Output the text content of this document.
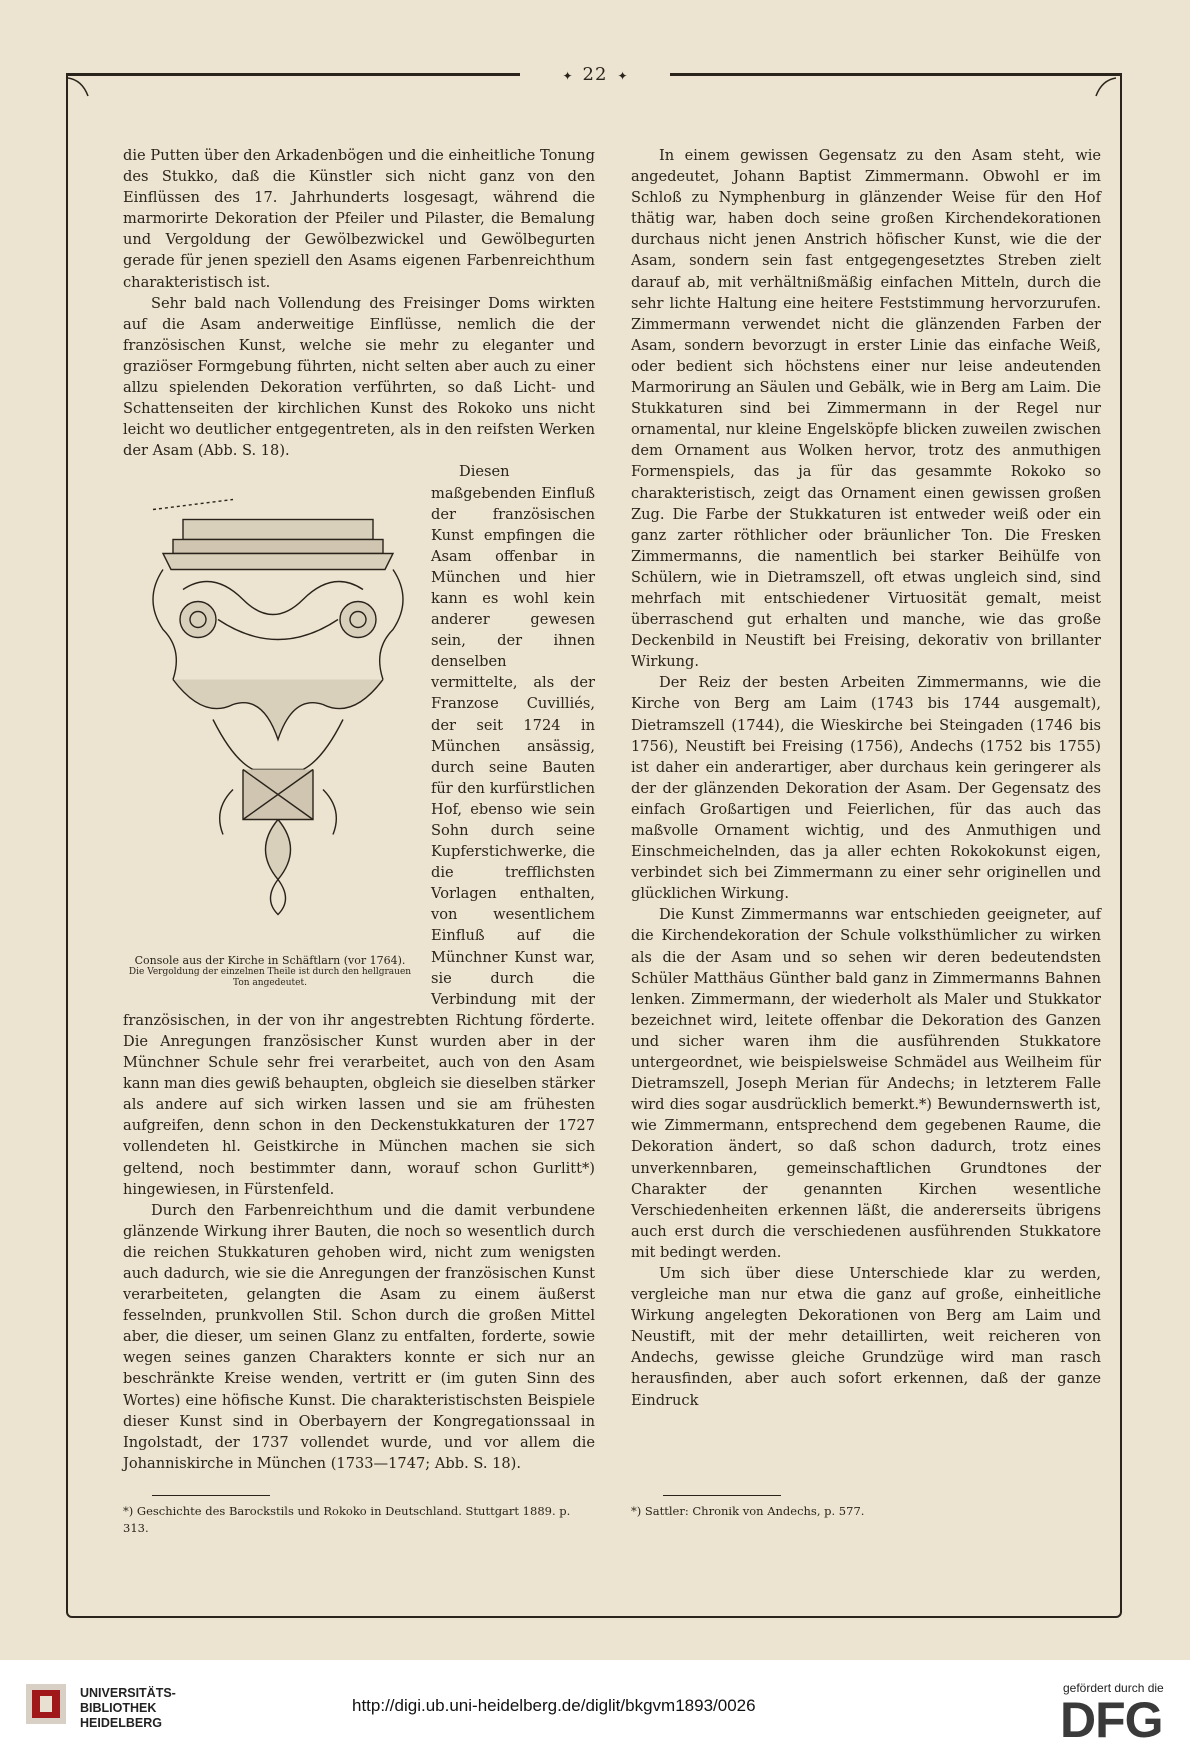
✦ 22 ✦

die Putten über den Arkadenbögen und die einheitliche Tonung des Stukko, daß die Künstler sich nicht ganz von den Einflüssen des 17. Jahrhunderts losgesagt, während die marmorirte Dekoration der Pfeiler und Pilaster, die Bemalung und Vergoldung der Gewölbezwickel und Gewölbegurten gerade für jenen speziell den Asams eigenen Farbenreichthum charakteristisch ist.

Sehr bald nach Vollendung des Freisinger Doms wirkten auf die Asam anderweitige Einflüsse, nemlich die der französischen Kunst, welche sie mehr zu eleganter und graziöser Formgebung führten, nicht selten aber auch zu einer allzu spielenden Dekoration verführten, so daß Licht- und Schattenseiten der kirchlichen Kunst des Rokoko uns nicht leicht wo deutlicher entgegentreten, als in den reifsten Werken der Asam (Abb. S. 18).

Console aus der Kirche in Schäftlarn (vor 1764).
Die Vergoldung der einzelnen Theile ist durch den hellgrauen Ton angedeutet.

Diesen maßgebenden Einfluß der französischen Kunst empfingen die Asam offenbar in München und hier kann es wohl kein anderer gewesen sein, der ihnen denselben vermittelte, als der Franzose Cuvilliés, der seit 1724 in München ansässig, durch seine Bauten für den kurfürstlichen Hof, ebenso wie sein Sohn durch seine Kupferstichwerke, die die trefflichsten Vorlagen enthalten, von wesentlichem Einfluß auf die Münchner Kunst war, sie durch die Verbindung mit der französischen, in der von ihr angestrebten Richtung förderte. Die Anregungen französischer Kunst wurden aber in der Münchner Schule sehr frei verarbeitet, auch von den Asam kann man dies gewiß behaupten, obgleich sie dieselben stärker als andere auf sich wirken lassen und sie am frühesten aufgreifen, denn schon in den Deckenstukkaturen der 1727 vollendeten hl. Geistkirche in München machen sie sich geltend, noch bestimmter dann, worauf schon Gurlitt*) hingewiesen, in Fürstenfeld.

Durch den Farbenreichthum und die damit verbundene glänzende Wirkung ihrer Bauten, die noch so wesentlich durch die reichen Stukkaturen gehoben wird, nicht zum wenigsten auch dadurch, wie sie die Anregungen der französischen Kunst verarbeiteten, gelangten die Asam zu einem äußerst fesselnden, prunkvollen Stil. Schon durch die großen Mittel aber, die dieser, um seinen Glanz zu entfalten, forderte, sowie wegen seines ganzen Charakters konnte er sich nur an beschränkte Kreise wenden, vertritt er (im guten Sinn des Wortes) eine höfische Kunst. Die charakteristischsten Beispiele dieser Kunst sind in Oberbayern der Kongregationssaal in Ingolstadt, der 1737 vollendet wurde, und vor allem die Johanniskirche in München (1733—1747; Abb. S. 18).

In einem gewissen Gegensatz zu den Asam steht, wie angedeutet, Johann Baptist Zimmermann. Obwohl er im Schloß zu Nymphenburg in glänzender Weise für den Hof thätig war, haben doch seine großen Kirchendekorationen durchaus nicht jenen Anstrich höfischer Kunst, wie die der Asam, sondern sein fast entgegengesetztes Streben zielt darauf ab, mit verhältnißmäßig einfachen Mitteln, durch die sehr lichte Haltung eine heitere Feststimmung hervorzurufen. Zimmermann verwendet nicht die glänzenden Farben der Asam, sondern bevorzugt in erster Linie das einfache Weiß, oder bedient sich höchstens einer nur leise andeutenden Marmorirung an Säulen und Gebälk, wie in Berg am Laim. Die Stukkaturen sind bei Zimmermann in der Regel nur ornamental, nur kleine Engelsköpfe blicken zuweilen zwischen dem Ornament aus Wolken hervor, trotz des anmuthigen Formenspiels, das ja für das gesammte Rokoko so charakteristisch, zeigt das Ornament einen gewissen großen Zug. Die Farbe der Stukkaturen ist entweder weiß oder ein ganz zarter röthlicher oder bräunlicher Ton. Die Fresken Zimmermanns, die namentlich bei starker Beihülfe von Schülern, wie in Dietramszell, oft etwas ungleich sind, sind mehrfach mit entschiedener Virtuosität gemalt, meist überraschend gut erhalten und manche, wie das große Deckenbild in Neustift bei Freising, dekorativ von brillanter Wirkung.

Der Reiz der besten Arbeiten Zimmermanns, wie die Kirche von Berg am Laim (1743 bis 1744 ausgemalt), Dietramszell (1744), die Wieskirche bei Steingaden (1746 bis 1756), Neustift bei Freising (1756), Andechs (1752 bis 1755) ist daher ein anderartiger, aber durchaus kein geringerer als der der glänzenden Dekoration der Asam. Der Gegensatz des einfach Großartigen und Feierlichen, für das auch das maßvolle Ornament wichtig, und des Anmuthigen und Einschmeichelnden, das ja aller echten Rokokokunst eigen, verbindet sich bei Zimmermann zu einer sehr originellen und glücklichen Wirkung.

Die Kunst Zimmermanns war entschieden geeigneter, auf die Kirchendekoration der Schule volksthümlicher zu wirken als die der Asam und so sehen wir deren bedeutendsten Schüler Matthäus Günther bald ganz in Zimmermanns Bahnen lenken. Zimmermann, der wiederholt als Maler und Stukkator bezeichnet wird, leitete offenbar die Dekoration des Ganzen und sicher waren ihm die ausführenden Stukkatore untergeordnet, wie beispielsweise Schmädel aus Weilheim für Dietramszell, Joseph Merian für Andechs; in letzterem Falle wird dies sogar ausdrücklich bemerkt.*) Bewundernswerth ist, wie Zimmermann, entsprechend dem gegebenen Raume, die Dekoration ändert, so daß schon dadurch, trotz eines unverkennbaren, gemeinschaftlichen Grundtones der Charakter der genannten Kirchen wesentliche Verschiedenheiten erkennen läßt, die andererseits übrigens auch erst durch die verschiedenen ausführenden Stukkatore mit bedingt werden.

Um sich über diese Unterschiede klar zu werden, vergleiche man nur etwa die ganz auf große, einheitliche Wirkung angelegten Dekorationen von Berg am Laim und Neustift, mit der mehr detaillirten, weit reicheren von Andechs, gewisse gleiche Grundzüge wird man rasch herausfinden, aber auch sofort erkennen, daß der ganze Eindruck

*) Geschichte des Barockstils und Rokoko in Deutschland. Stuttgart 1889. p. 313.
*) Sattler: Chronik von Andechs, p. 577.
UNIVERSITÄTS-
BIBLIOTHEK
HEIDELBERG
http://digi.ub.uni-heidelberg.de/diglit/bkgvm1893/0026
gefördert durch die
DFG
